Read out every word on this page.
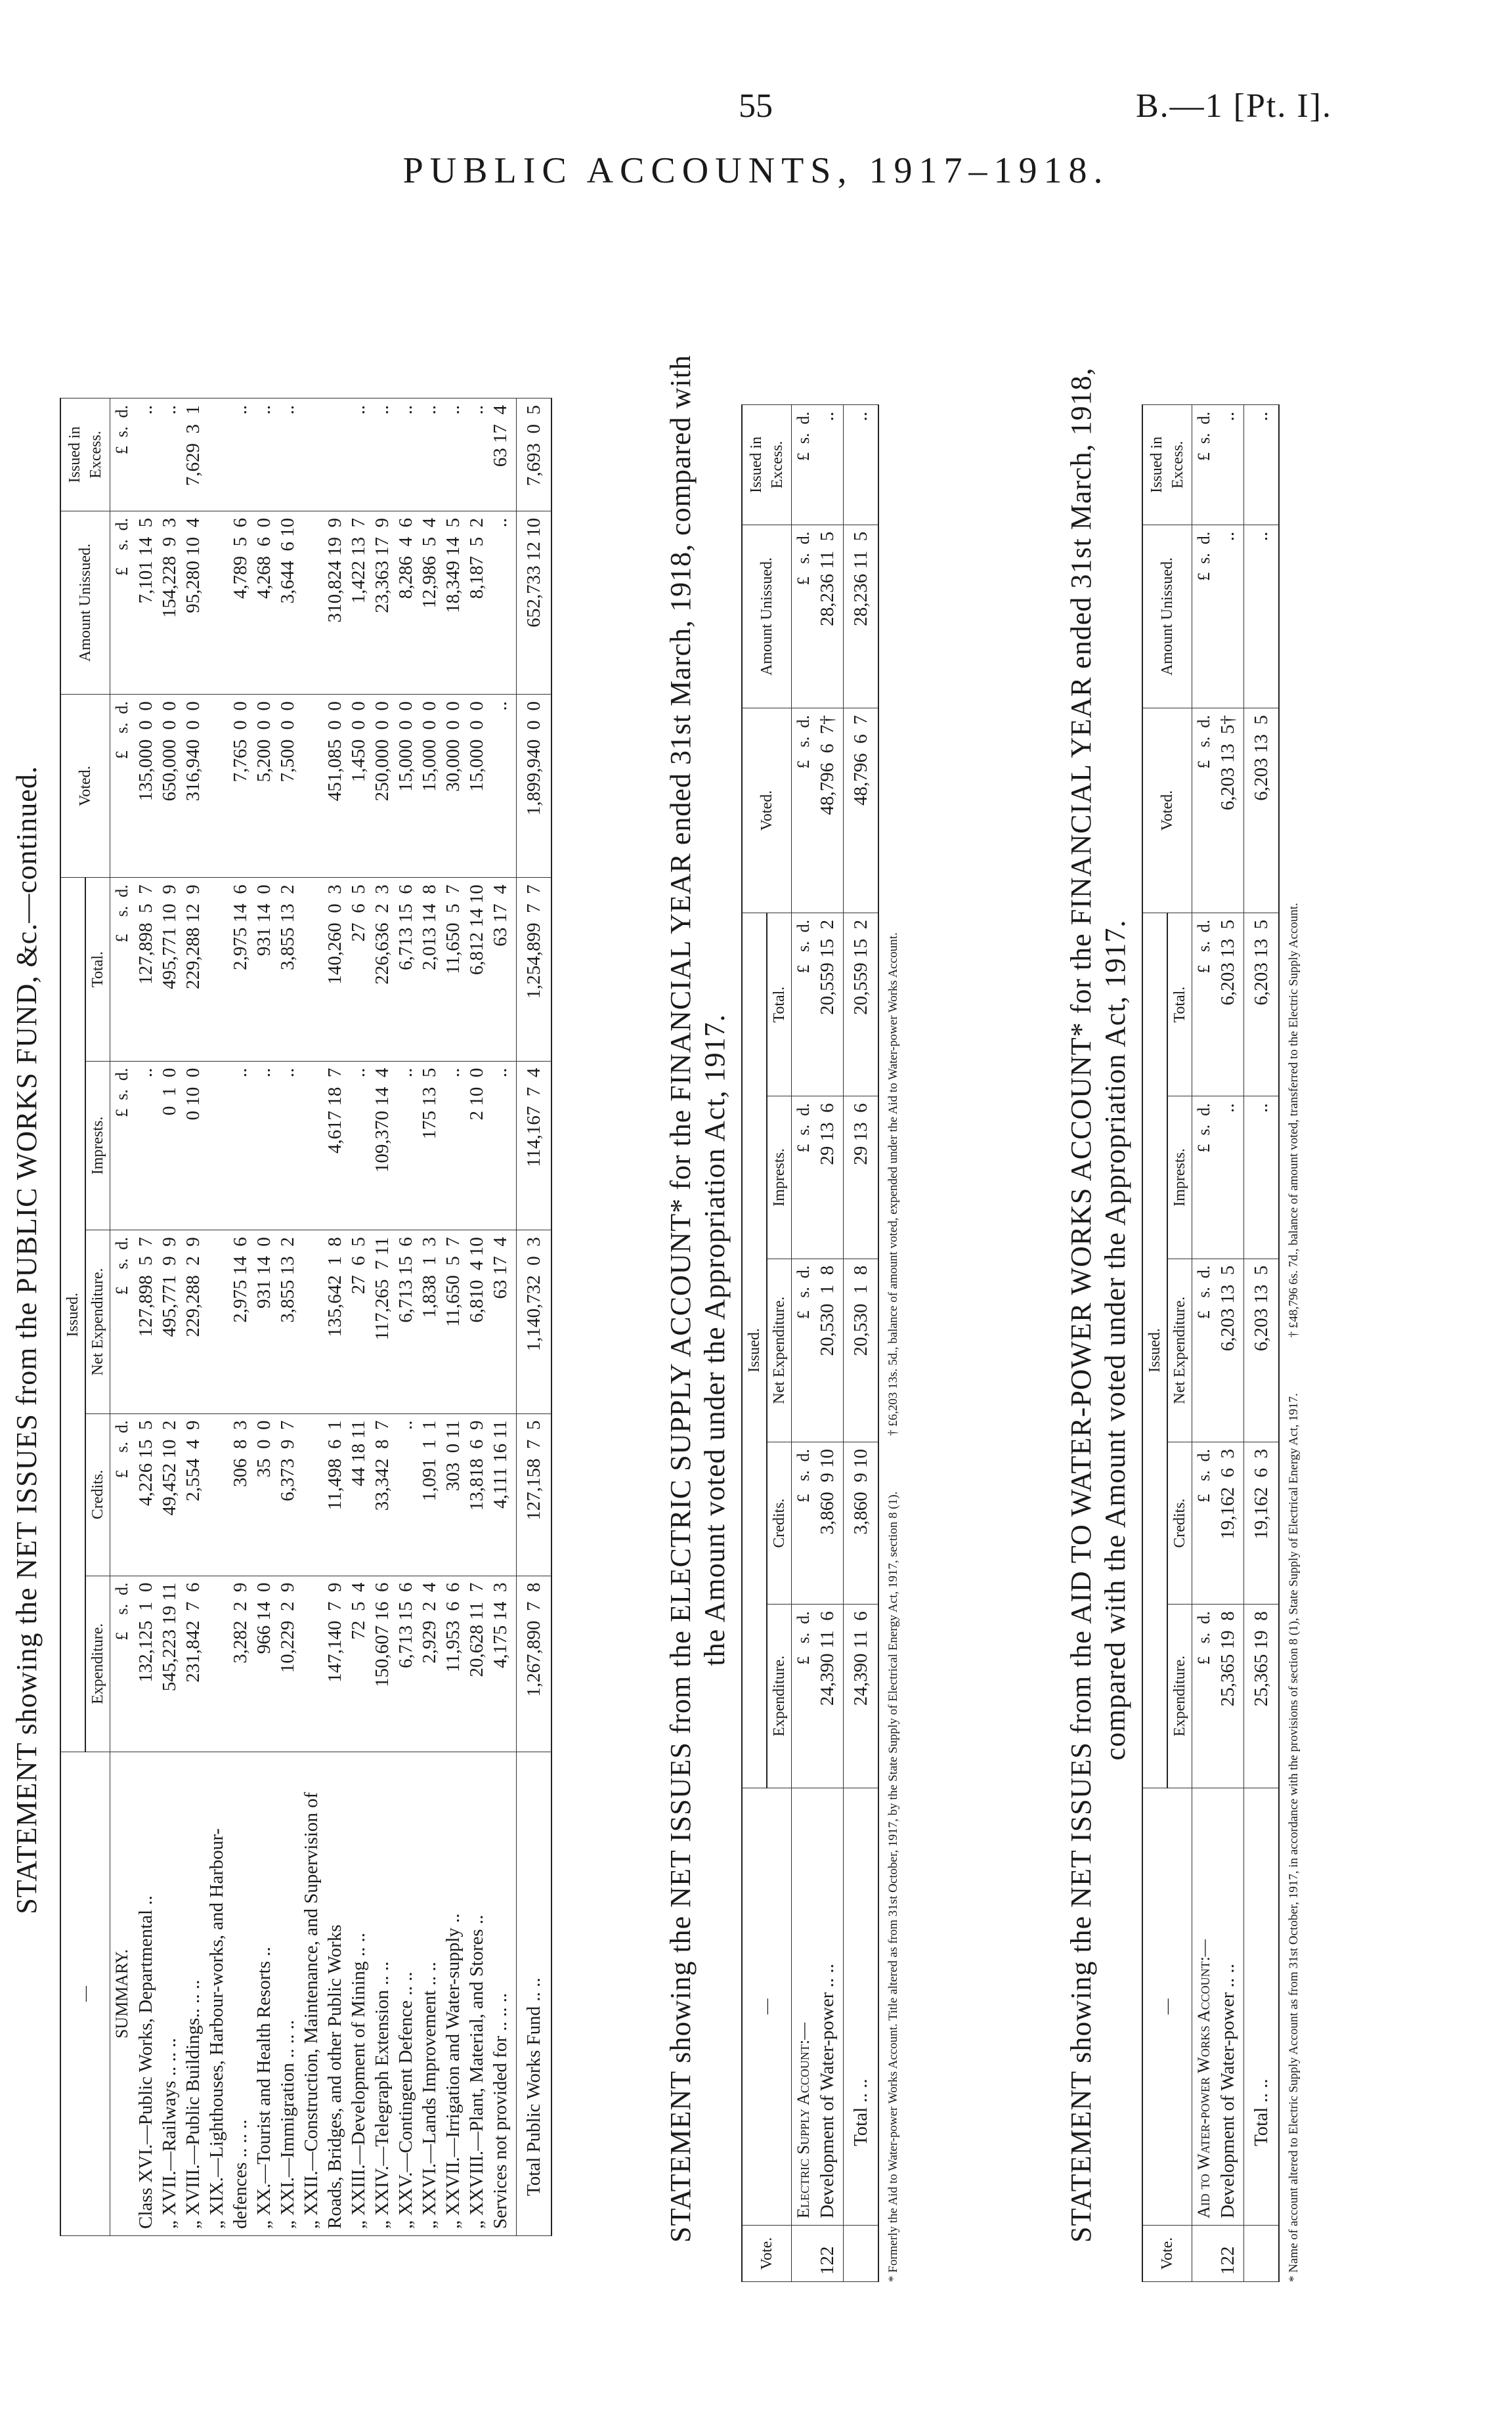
55	B.—1 [Pt. I].
PUBLIC ACCOUNTS, 1917–1918.
STATEMENT showing the NET ISSUES from the PUBLIC WORKS FUND, &c.—continued.
—	Issued.					Voted.	Amount Unissued.	Issued in Excess.
	Expenditure.	Credits.	Net Expenditure.	Imprests.	Total.			
SUMMARY.	£    s.  d.	£    s.  d.	£    s.  d.	£  s.  d.	£    s.  d.	£    s.  d.	£    s.  d.	£  s.  d.
Class XVI.—Public Works, Departmental ..	132,125  1  0	4,226 15  5	127,898  5  7	..	127,898  5  7	135,000  0  0	7,101 14  5	..
„ XVII.—Railways .. .. ..	545,223 19 11	49,452 10  2	495,771  9  9	0  1  0	495,771 10  9	650,000  0  0	154,228  9  3	..
„ XVIII.—Public Buildings.. .. ..	231,842  7  6	2,554  4  9	229,288  2  9	0 10  0	229,288 12  9	316,940  0  0	95,280 10  4	7,629  3  1
„ XIX.—Lighthouses, Harbour-works, and Harbour-								
defences .. .. ..	3,282  2  9	306  8  3	2,975 14  6	..	2,975 14  6	7,765  0  0	4,789  5  6	..
„ XX.—Tourist and Health Resorts ..	966 14  0	35  0  0	931 14  0	..	931 14  0	5,200  0  0	4,268  6  0	..
„ XXI.—Immigration .. .. ..	10,229  2  9	6,373  9  7	3,855 13  2	..	3,855 13  2	7,500  0  0	3,644  6 10	..
„ XXII.—Construction, Maintenance, and Supervision of								
Roads, Bridges, and other Public Works	147,140  7  9	11,498  6  1	135,642  1  8	4,617 18  7	140,260  0  3	451,085  0  0	310,824 19  9	
„ XXIII.—Development of Mining .. ..	72  5  4	44 18 11	27  6  5	..	27  6  5	1,450  0  0	1,422 13  7	..
„ XXIV.—Telegraph Extension .. ..	150,607 16  6	33,342  8  7	117,265  7 11	109,370 14  4	226,636  2  3	250,000  0  0	23,363 17  9	..
„ XXV.—Contingent Defence .. ..	6,713 15  6	..	6,713 15  6	..	6,713 15  6	15,000  0  0	8,286  4  6	..
„ XXVI.—Lands Improvement .. ..	2,929  2  4	1,091  1  1	1,838  1  3	175 13  5	2,013 14  8	15,000  0  0	12,986  5  4	..
„ XXVII.—Irrigation and Water-supply ..	11,953  6  6	303  0 11	11,650  5  7	..	11,650  5  7	30,000  0  0	18,349 14  5	..
„ XXVIII.—Plant, Material, and Stores ..	20,628 11  7	13,818  6  9	6,810  4 10	2 10  0	6,812 14 10	15,000  0  0	8,187  5  2	..
Services not provided for .. .. ..	4,175 14  3	4,111 16 11	63 17  4	..	63 17  4	..	..	63 17  4
Total Public Works Fund .. ..	1,267,890  7  8	127,158  7  5	1,140,732  0  3	114,167  7  4	1,254,899  7  7	1,899,940  0  0	652,733 12 10	7,693  0  5	STATEMENT showing the NET ISSUES from the ELECTRIC SUPPLY ACCOUNT* for the FINANCIAL YEAR ended 31st March, 1918, compared with the Amount voted under the Appropriation Act, 1917.
Vote.	—	Issued.					Voted.	Amount Unissued.	Issued in Excess.
		Expenditure.	Credits.	Net Expenditure.	Imprests.	Total.			
	Electric Supply Account:—	£   s.  d.	£   s.  d.	£   s.  d.	£  s.  d.	£   s.  d.	£   s.  d.	£   s.  d.	£  s.  d.
122	Development of Water-power .. ..	24,390 11  6	3,860  9 10	20,530  1  8	29 13  6	20,559 15  2	48,796  6  7†	28,236 11  5	..
	Total .. ..	24,390 11  6	3,860  9 10	20,530  1  8	29 13  6	20,559 15  2	48,796  6  7	28,236 11  5	..
* Formerly the Aid to Water-power Works Account. Title altered as from 31st October, 1917, by the State Supply of Electrical Energy Act, 1917, section 8 (1). † £6,203 13s. 5d., balance of amount voted, expended under the Aid to Water-power Works Account.	STATEMENT showing the NET ISSUES from the AID TO WATER-POWER WORKS ACCOUNT* for the FINANCIAL YEAR ended 31st March, 1918, compared with the Amount voted under the Appropriation Act, 1917.
Vote.	—	Issued.					Voted.	Amount Unissued.	Issued in Excess.
		Expenditure.	Credits.	Net Expenditure.	Imprests.	Total.			
	Aid to Water-power Works Account:—	£   s.  d.	£   s.  d.	£   s.  d.	£  s.  d.	£   s.  d.	£   s.  d.	£  s.  d.	£  s.  d.
122	Development of Water-power .. ..	25,365 19  8	19,162  6  3	6,203 13  5	..	6,203 13  5	6,203 13  5†	..	..
	Total .. ..	25,365 19  8	19,162  6  3	6,203 13  5	..	6,203 13  5	6,203 13  5	..	..
* Name of account altered to Electric Supply Account as from 31st October, 1917, in accordance with the provisions of section 8 (1), State Supply of Electrical Energy Act, 1917. † £48,796 6s. 7d., balance of amount voted, transferred to the Electric Supply Account.
